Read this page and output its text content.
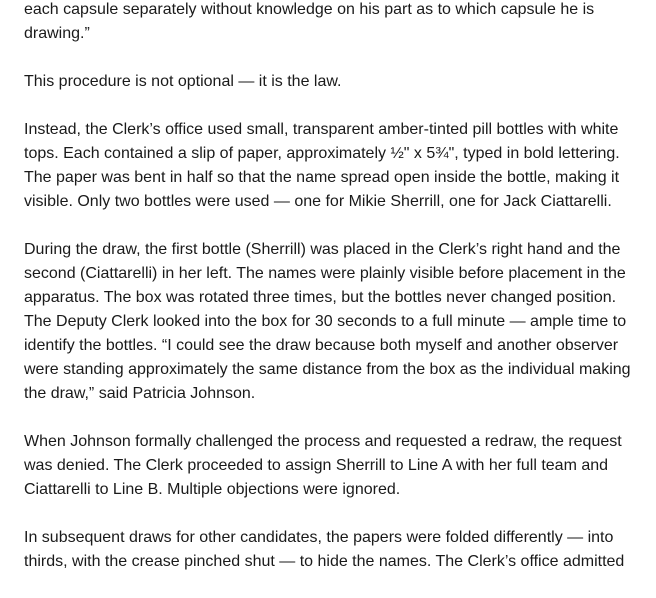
each capsule separately without knowledge on his part as to which capsule he is drawing.”

This procedure is not optional — it is the law.

Instead, the Clerk’s office used small, transparent amber-tinted pill bottles with white tops. Each contained a slip of paper, approximately ½" x 5¾", typed in bold lettering. The paper was bent in half so that the name spread open inside the bottle, making it visible. Only two bottles were used — one for Mikie Sherrill, one for Jack Ciattarelli.

During the draw, the first bottle (Sherrill) was placed in the Clerk’s right hand and the second (Ciattarelli) in her left. The names were plainly visible before placement in the apparatus. The box was rotated three times, but the bottles never changed position. The Deputy Clerk looked into the box for 30 seconds to a full minute — ample time to identify the bottles. “I could see the draw because both myself and another observer were standing approximately the same distance from the box as the individual making the draw,” said Patricia Johnson.

When Johnson formally challenged the process and requested a redraw, the request was denied. The Clerk proceeded to assign Sherrill to Line A with her full team and Ciattarelli to Line B. Multiple objections were ignored.

In subsequent draws for other candidates, the papers were folded differently — into thirds, with the crease pinched shut — to hide the names. The Clerk’s office admitted
